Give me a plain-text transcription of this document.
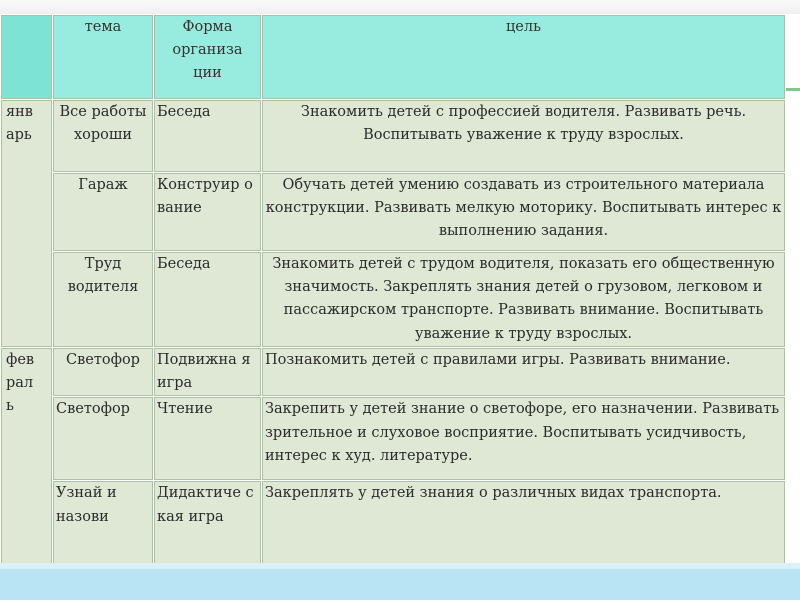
	тема	Форма организа ции	цель

янв арь	Все работы хороши	Беседа	Знакомить детей с профессией водителя. Развивать речь. Воспитывать уважение к труду взрослых.
	Гараж	Конструир ование	Обучать детей умению создавать из строительного материала конструкции. Развивать мелкую моторику. Воспитывать интерес к выполнению задания.
	Труд водителя	Беседа	Знакомить детей с трудом водителя, показать его общественную значимость. Закреплять знания детей о грузовом, легковом и пассажирском транспорте. Развивать внимание. Воспитывать уважение к труду взрослых.

фев рал ь	Светофор	Подвижна я игра	Познакомить детей с правилами игры. Развивать внимание.
	Светофор	Чтение	Закрепить у детей знание о светофоре, его назначении. Развивать зрительное и слуховое восприятие. Воспитывать усидчивость, интерес к худ. литературе.
	Узнай и назови	Дидактиче ская игра	Закреплять у детей знания о различных видах транспорта.
